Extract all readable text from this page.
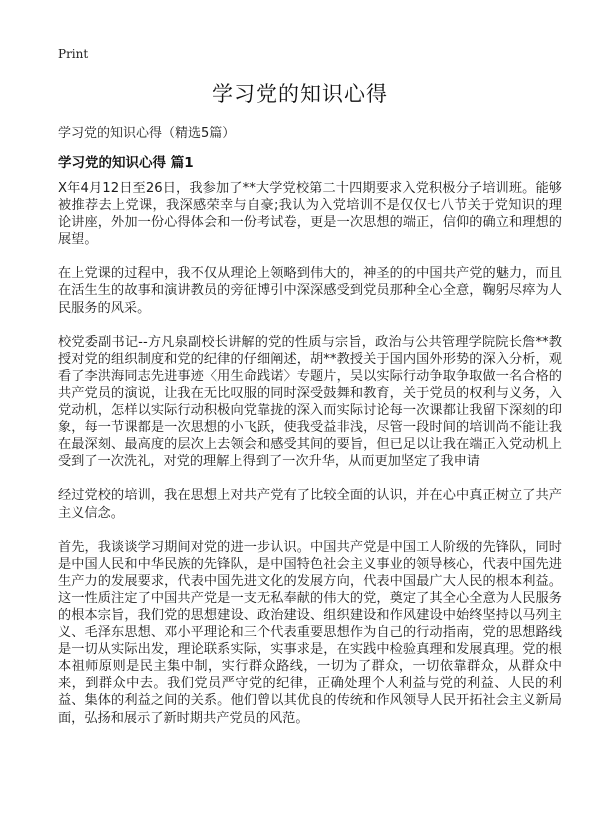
Print
学习党的知识心得
学习党的知识心得（精选5篇）
学习党的知识心得 篇1

X年4月12日至26日，我参加了**大学党校第二十四期要求入党积极分子培训班。能够被推荐去上党课，我深感荣幸与自豪;我认为入党培训不是仅仅七八节关于党知识的理论讲座，外加一份心得体会和一份考试卷，更是一次思想的端正，信仰的确立和理想的展望。

在上党课的过程中，我不仅从理论上领略到伟大的，神圣的的中国共产党的魅力，而且在活生生的故事和演讲教员的旁征博引中深深感受到党员那种全心全意，鞠躬尽瘁为人民服务的风采。

校党委副书记--方凡泉副校长讲解的党的性质与宗旨，政治与公共管理学院院长詹**教授对党的组织制度和党的纪律的仔细阐述，胡**教授关于国内国外形势的深入分析，观看了李洪海同志先进事迹〈用生命践诺〉专题片，吴以实际行动争取争取做一名合格的共产党员的演说，让我在无比叹服的同时深受鼓舞和教育，关于党员的权利与义务，入党动机，怎样以实际行动积极向党靠拢的深入而实际讨论每一次课都让我留下深刻的印象，每一节课都是一次思想的小飞跃，使我受益非浅，尽管一段时间的培训尚不能让我在最深刻、最高度的层次上去领会和感受其间的要旨，但已足以让我在端正入党动机上受到了一次洗礼，对党的理解上得到了一次升华，从而更加坚定了我申请

经过党校的培训，我在思想上对共产党有了比较全面的认识，并在心中真正树立了共产主义信念。

首先，我谈谈学习期间对党的进一步认识。中国共产党是中国工人阶级的先锋队，同时是中国人民和中华民族的先锋队，是中国特色社会主义事业的领导核心，代表中国先进生产力的发展要求，代表中国先进文化的发展方向，代表中国最广大人民的根本利益。这一性质注定了中国共产党是一支无私奉献的伟大的党，奠定了其全心全意为人民服务的根本宗旨，我们党的思想建设、政治建设、组织建设和作风建设中始终坚持以马列主义、毛泽东思想、邓小平理论和三个代表重要思想作为自己的行动指南，党的思想路线是一切从实际出发，理论联系实际，实事求是，在实践中检验真理和发展真理。党的根本祖师原则是民主集中制，实行群众路线，一切为了群众，一切依靠群众，从群众中来，到群众中去。我们党员严守党的纪律，正确处理个人利益与党的利益、人民的利益、集体的利益之间的关系。他们曾以其优良的传统和作风领导人民开拓社会主义新局面，弘扬和展示了新时期共产党员的风范。
